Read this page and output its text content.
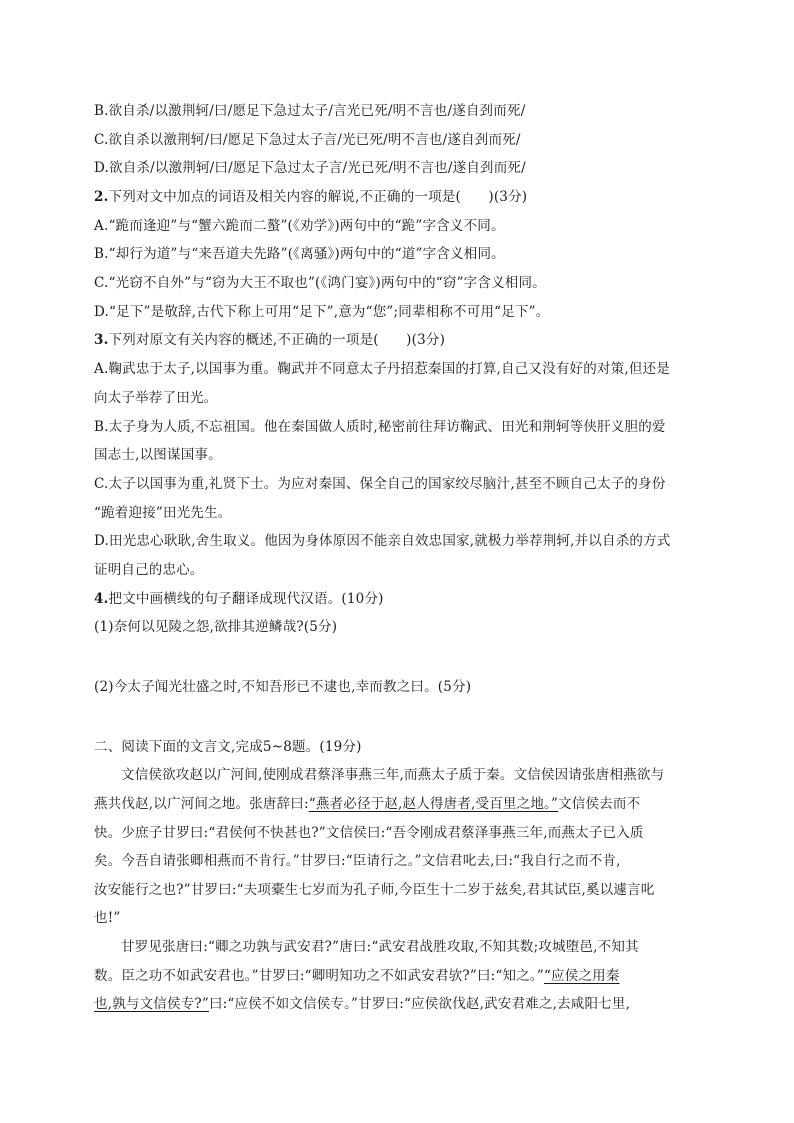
B.欲自杀/以激荆轲/曰/愿足下急过太子/言光已死/明不言也/遂自刭而死/
C.欲自杀以激荆轲/曰/愿足下急过太子言/光已死/明不言也/遂自刭而死/
D.欲自杀/以激荆轲/曰/愿足下急过太子言/光已死/明不言也/遂自刭而死/
2.下列对文中加点的词语及相关内容的解说,不正确的一项是(　　)(3分)
A.“跪而逢迎”与“蟹六跪而二螯”(《劝学》)两句中的“跪”字含义不同。
B.“却行为道”与“来吾道夫先路”(《离骚》)两句中的“道”字含义相同。
C.“光窃不自外”与“窃为大王不取也”(《鸿门宴》)两句中的“窃”字含义相同。
D.“足下”是敬辞,古代下称上可用“足下”,意为“您”;同辈相称不可用“足下”。
3.下列对原文有关内容的概述,不正确的一项是(　　)(3分)
A.鞠武忠于太子,以国事为重。鞠武并不同意太子丹招惹秦国的打算,自己又没有好的对策,但还是
向太子举荐了田光。
B.太子身为人质,不忘祖国。他在秦国做人质时,秘密前往拜访鞠武、田光和荆轲等侠肝义胆的爱
国志士,以图谋国事。
C.太子以国事为重,礼贤下士。为应对秦国、保全自己的国家绞尽脑汁,甚至不顾自己太子的身份
“跪着迎接”田光先生。
D.田光忠心耿耿,舍生取义。他因为身体原因不能亲自效忠国家,就极力举荐荆轲,并以自杀的方式
证明自己的忠心。
4.把文中画横线的句子翻译成现代汉语。(10分)
(1)奈何以见陵之怨,欲排其逆鳞哉?(5分)
(2)今太子闻光壮盛之时,不知吾形已不逮也,幸而教之曰。(5分)
二、阅读下面的文言文,完成5~8题。(19分)
文信侯欲攻赵以广河间,使刚成君蔡泽事燕三年,而燕太子质于秦。文信侯因请张唐相燕欲与
燕共伐赵,以广河间之地。张唐辞曰:“燕者必径于赵,赵人得唐者,受百里之地。”文信侯去而不
快。少庶子甘罗曰:“君侯何不快甚也?”文信侯曰:“吾令刚成君蔡泽事燕三年,而燕太子已入质
矣。今吾自请张卿相燕而不肯行。”甘罗曰:“臣请行之。”文信君叱去,曰:“我自行之而不肯,
汝安能行之也?”甘罗曰:“夫项橐生七岁而为孔子师,今臣生十二岁于兹矣,君其试臣,奚以遽言叱
也!”
甘罗见张唐曰:“卿之功孰与武安君?”唐曰:“武安君战胜攻取,不知其数;攻城堕邑,不知其
数。臣之功不如武安君也。”甘罗曰:“卿明知功之不如武安君欤?”曰:“知之。”“应侯之用秦
也,孰与文信侯专?”曰:“应侯不如文信侯专。”甘罗曰:“应侯欲伐赵,武安君难之,去咸阳七里,
